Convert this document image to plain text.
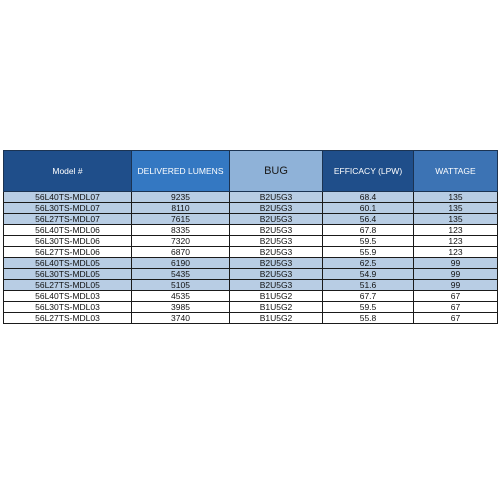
Model #	DELIVERED LUMENS	BUG	EFFICACY (LPW)	WATTAGE
56L40TS-MDL07	9235	B2U5G3	68.4	135
56L30TS-MDL07	8110	B2U5G3	60.1	135
56L27TS-MDL07	7615	B2U5G3	56.4	135
56L40TS-MDL06	8335	B2U5G3	67.8	123
56L30TS-MDL06	7320	B2U5G3	59.5	123
56L27TS-MDL06	6870	B2U5G3	55.9	123
56L40TS-MDL05	6190	B2U5G3	62.5	99
56L30TS-MDL05	5435	B2U5G3	54.9	99
56L27TS-MDL05	5105	B2U5G3	51.6	99
56L40TS-MDL03	4535	B1U5G2	67.7	67
56L30TS-MDL03	3985	B1U5G2	59.5	67
56L27TS-MDL03	3740	B1U5G2	55.8	67
